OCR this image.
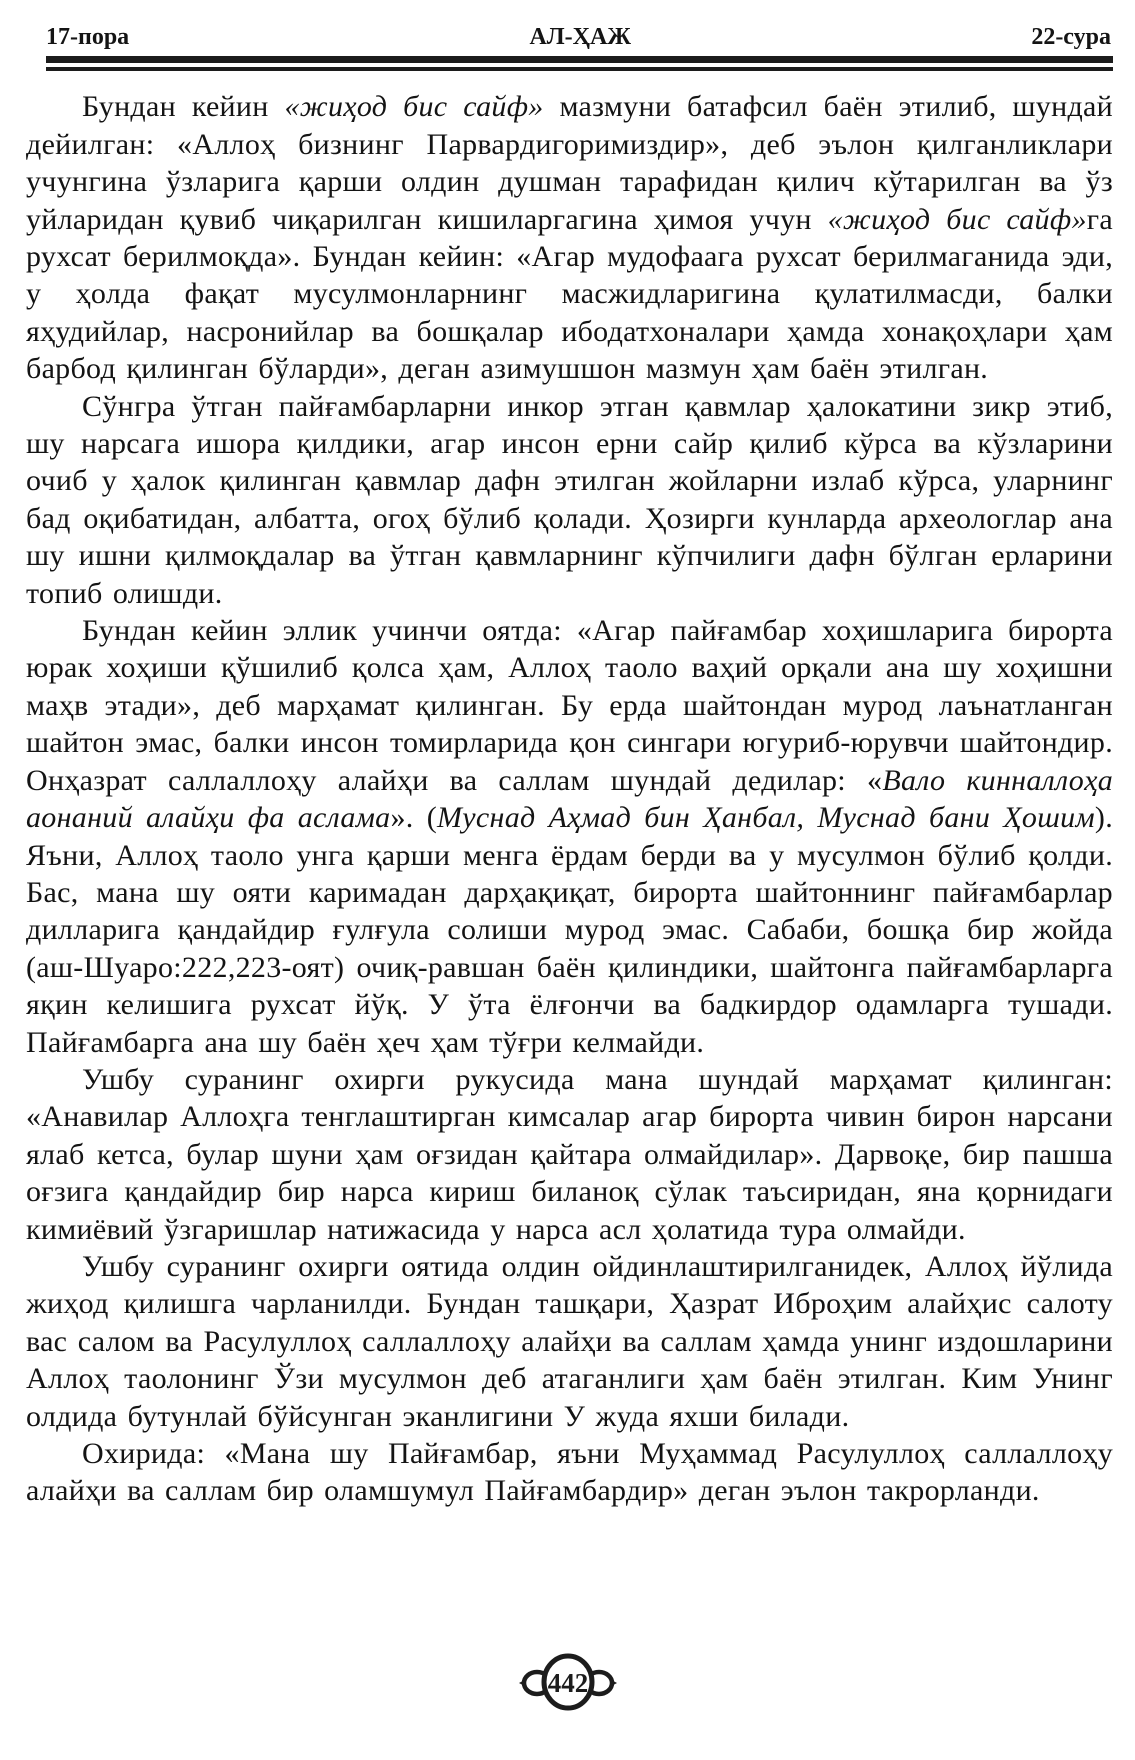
17-пора	АЛ-ҲАЖ	22-сура

Бундан кейин «жиҳод бис сайф» мазмуни батафсил баён этилиб, шундай дейилган: «Аллоҳ бизнинг Парвардигоримиздир», деб эълон қилганликлари учунгина ўзларига қарши олдин душман тарафидан қилич кўтарилган ва ўз уйларидан қувиб чиқарилган кишиларгагина ҳимоя учун «жиҳод бис сайф»га рухсат берилмоқда». Бундан кейин: «Агар мудофаага рухсат берилмаганида эди, у ҳолда фақат мусулмонларнинг масжидларигина қулатилмасди, балки яҳудийлар, насронийлар ва бошқалар ибодатхоналари ҳамда хонақоҳлари ҳам барбод қилинган бўларди», деган азимушшон мазмун ҳам баён этилган.

Сўнгра ўтган пайғамбарларни инкор этган қавмлар ҳалокатини зикр этиб, шу нарсага ишора қилдики, агар инсон ерни сайр қилиб кўрса ва кўзларини очиб у ҳалок қилинган қавмлар дафн этилган жойларни излаб кўрса, уларнинг бад оқибатидан, албатта, огоҳ бўлиб қолади. Ҳозирги кунларда археологлар ана шу ишни қилмоқдалар ва ўтган қавмларнинг кўпчилиги дафн бўлган ерларини топиб олишди.

Бундан кейин эллик учинчи оятда: «Агар пайғамбар хоҳишларига бирорта юрак хоҳиши қўшилиб қолса ҳам, Аллоҳ таоло ваҳий орқали ана шу хоҳишни маҳв этади», деб марҳамат қилинган. Бу ерда шайтондан мурод лаънатланган шайтон эмас, балки инсон томирларида қон сингари югуриб-юрувчи шайтондир. Онҳазрат саллаллоҳу алайҳи ва саллам шундай дедилар: «Вало кинналлоҳа аонаний алайҳи фа аслама». (Муснад Аҳмад бин Ҳанбал, Муснад бани Ҳошим). Яъни, Аллоҳ таоло унга қарши менга ёрдам берди ва у мусулмон бўлиб қолди. Бас, мана шу ояти каримадан дарҳақиқат, бирорта шайтоннинг пайғамбарлар дилларига қандайдир ғулғула солиши мурод эмас. Сабаби, бошқа бир жойда (аш-Шуаро:222,223-оят) очиқ-равшан баён қилиндики, шайтонга пайғамбарларга яқин келишига рухсат йўқ. У ўта ёлғончи ва бадкирдор одамларга тушади. Пайғамбарга ана шу баён ҳеч ҳам тўғри келмайди.

Ушбу суранинг охирги рукусида мана шундай марҳамат қилинган: «Анавилар Аллоҳга тенглаштирган кимсалар агар бирорта чивин бирон нарсани ялаб кетса, булар шуни ҳам оғзидан қайтара олмайдилар». Дарвоқе, бир пашша оғзига қандайдир бир нарса кириш биланоқ сўлак таъсиридан, яна қорнидаги кимиёвий ўзгаришлар натижасида у нарса асл ҳолатида тура олмайди.

Ушбу суранинг охирги оятида олдин ойдинлаштирилганидек, Аллоҳ йўлида жиҳод қилишга чарланилди. Бундан ташқари, Ҳазрат Иброҳим алайҳис салоту вас салом ва Расулуллоҳ саллаллоҳу алайҳи ва саллам ҳамда унинг издошларини Аллоҳ таолонинг Ўзи мусулмон деб атаганлиги ҳам баён этилган. Ким Унинг олдида бутунлай бўйсунган эканлигини У жуда яхши билади.

Охирида: «Мана шу Пайғамбар, яъни Муҳаммад Расулуллоҳ саллаллоҳу алайҳи ва саллам бир оламшумул Пайғамбардир» деган эълон такрорланди.

442
